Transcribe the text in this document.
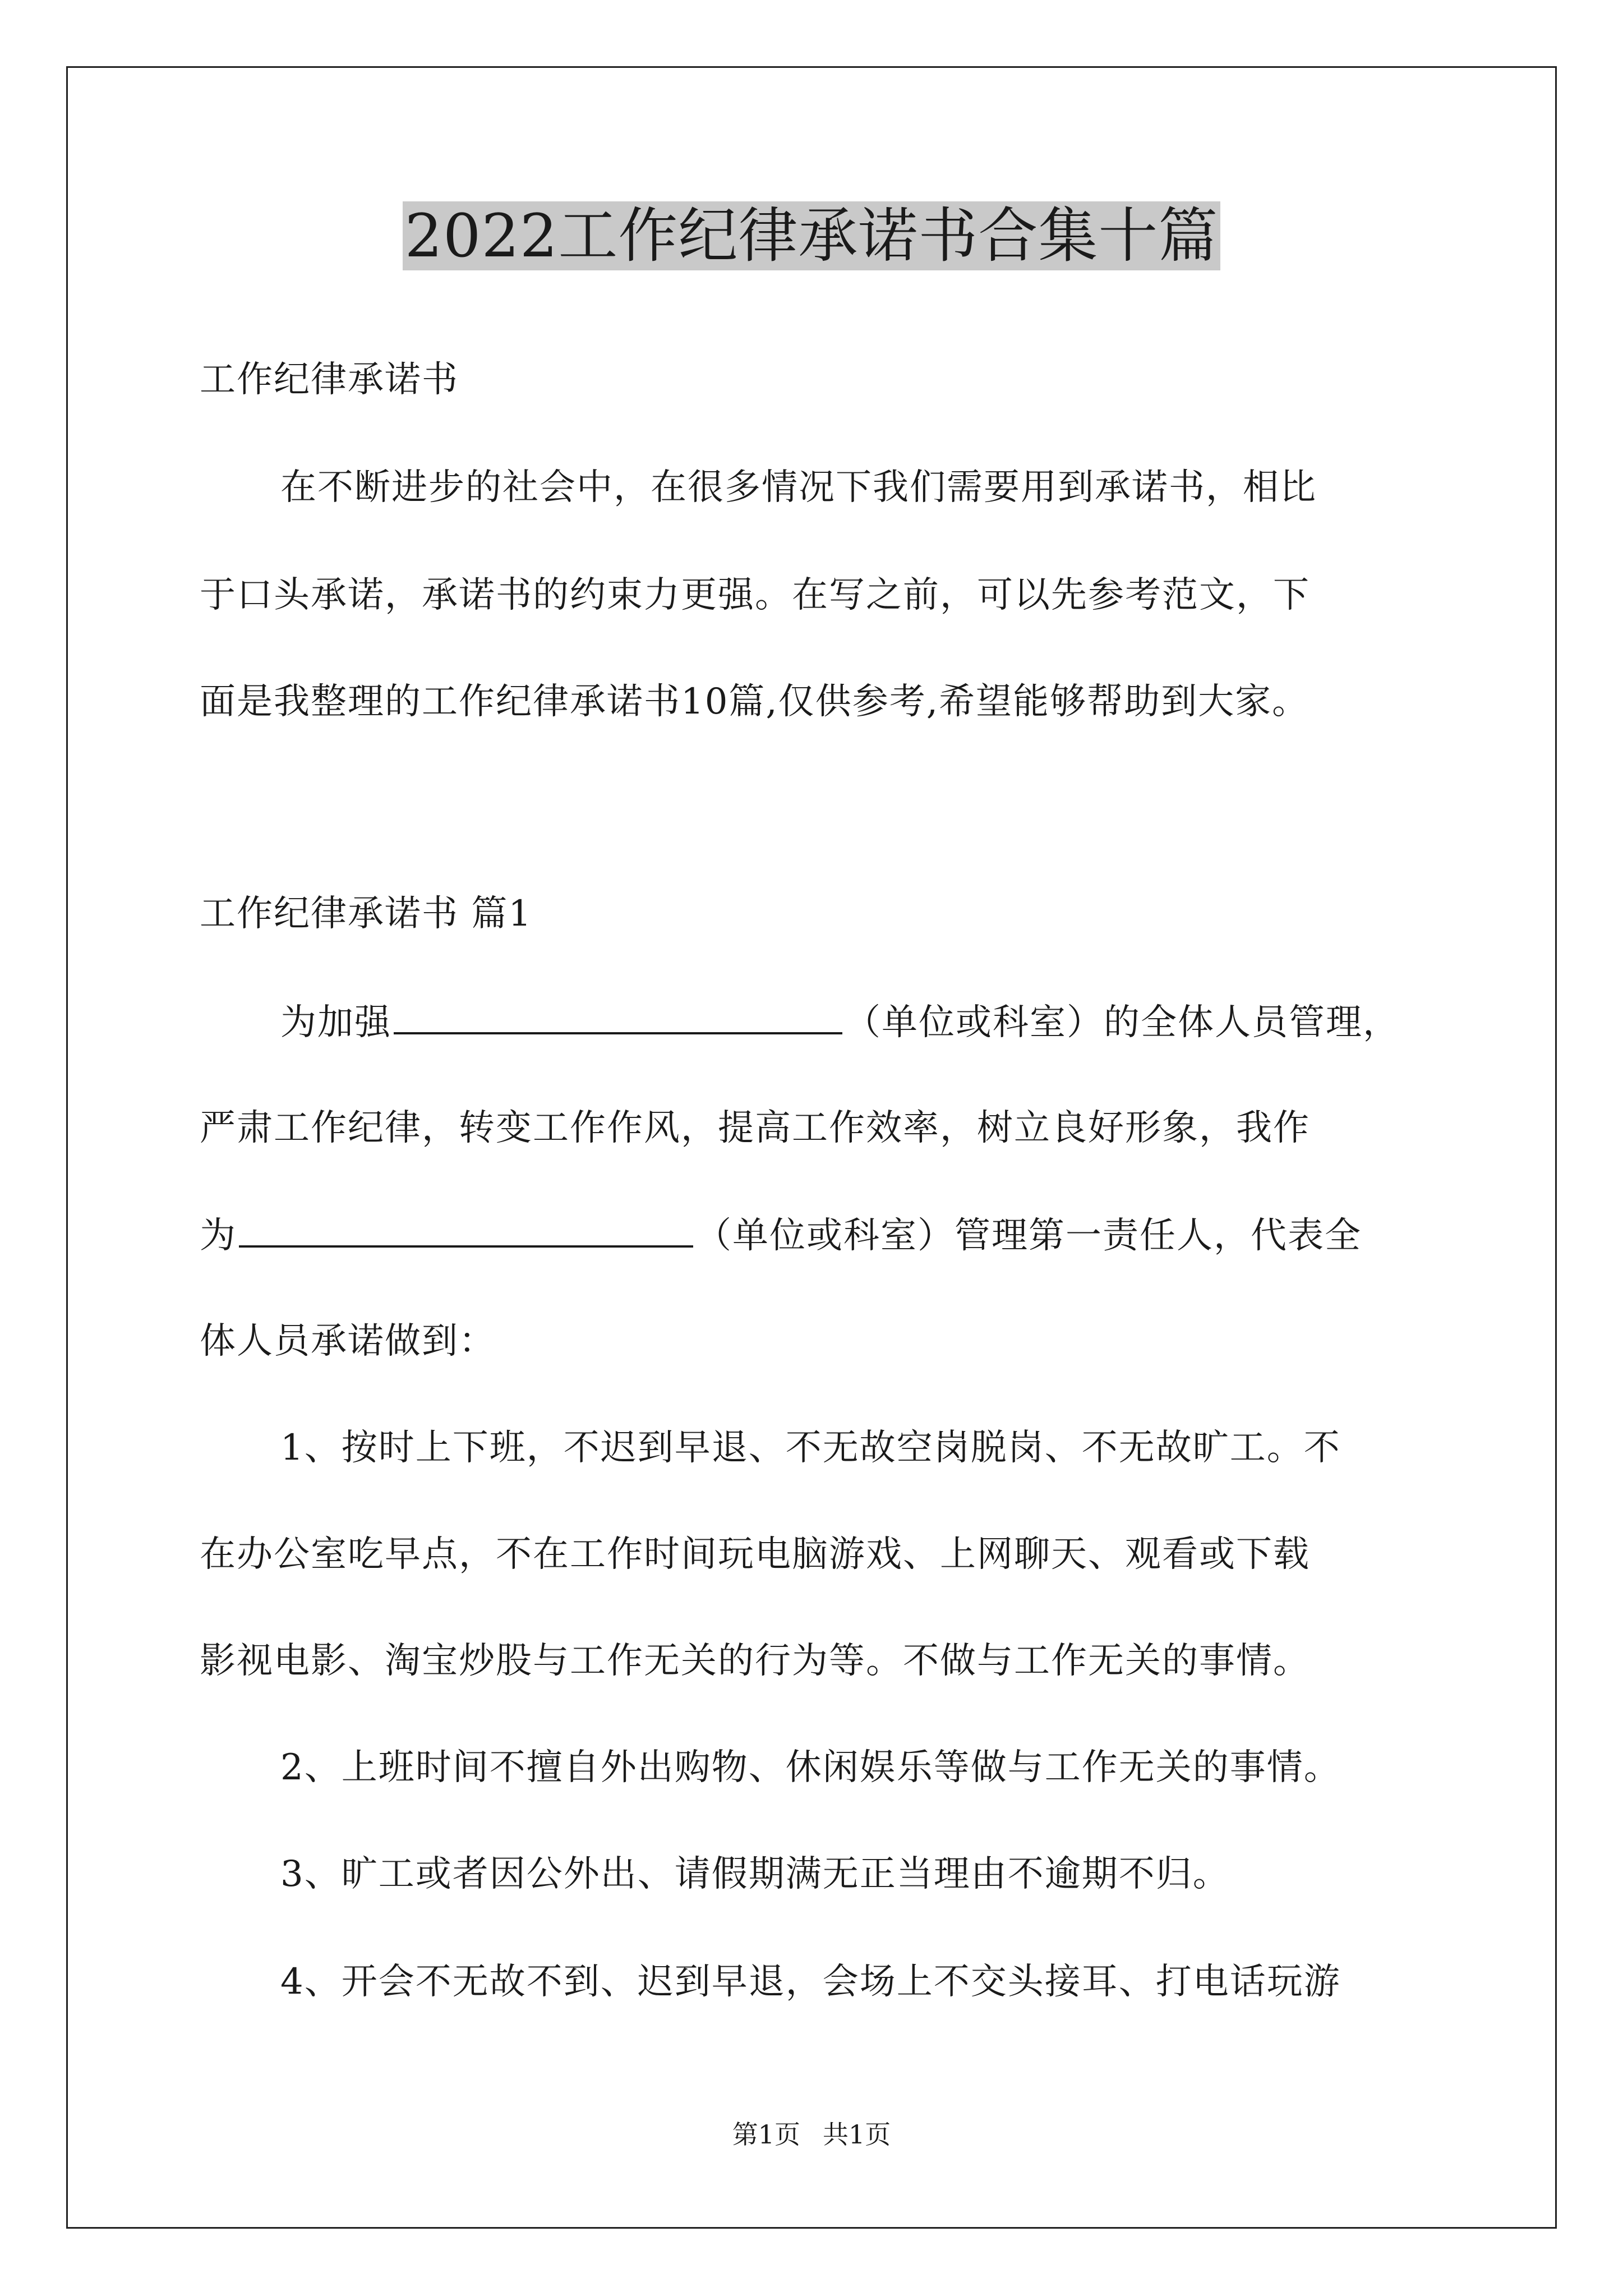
2022工作纪律承诺书合集十篇
工作纪律承诺书
在不断进步的社会中，在很多情况下我们需要用到承诺书，相比
于口头承诺，承诺书的约束力更强。在写之前，可以先参考范文，下
面是我整理的工作纪律承诺书10篇,仅供参考,希望能够帮助到大家。
工作纪律承诺书 篇1
为加强	（单位或科室）的全体人员管理，
严肃工作纪律，转变工作作风，提高工作效率，树立良好形象，我作
为	（单位或科室）管理第一责任人，代表全
体人员承诺做到：
1、按时上下班，不迟到早退、不无故空岗脱岗、不无故旷工。不
在办公室吃早点，不在工作时间玩电脑游戏、上网聊天、观看或下载
影视电影、淘宝炒股与工作无关的行为等。不做与工作无关的事情。
2、上班时间不擅自外出购物、休闲娱乐等做与工作无关的事情。
3、旷工或者因公外出、请假期满无正当理由不逾期不归。
4、开会不无故不到、迟到早退，会场上不交头接耳、打电话玩游
第1页 共1页
